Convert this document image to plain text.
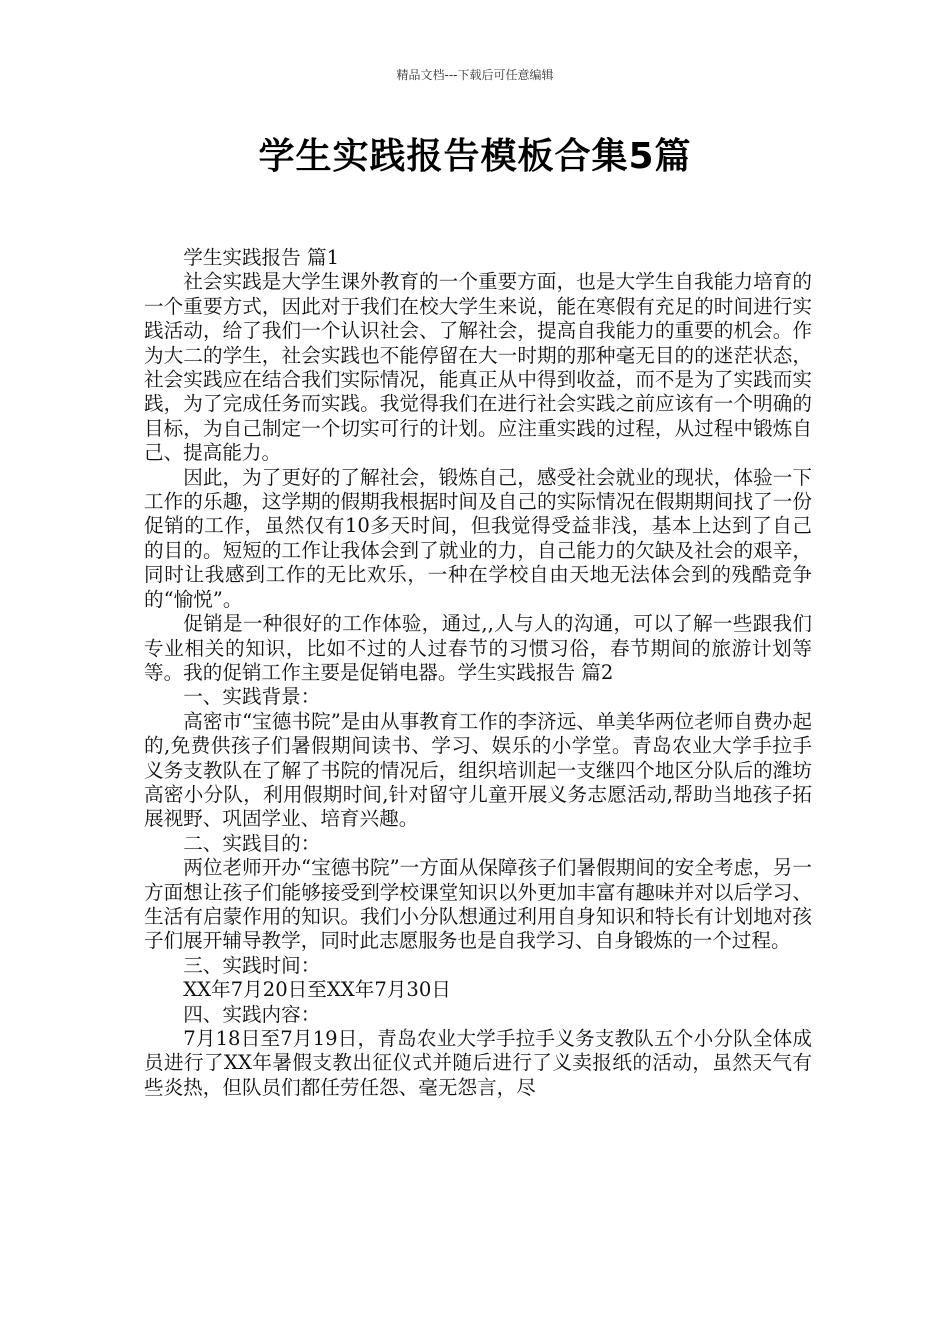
精品文档---下载后可任意编辑
学生实践报告模板合集5篇

学生实践报告 篇1

社会实践是大学生课外教育的一个重要方面，也是大学生自我能力培育的一个重要方式，因此对于我们在校大学生来说，能在寒假有充足的时间进行实践活动，给了我们一个认识社会、了解社会，提高自我能力的重要的机会。作为大二的学生，社会实践也不能停留在大一时期的那种毫无目的的迷茫状态，社会实践应在结合我们实际情况，能真正从中得到收益，而不是为了实践而实践，为了完成任务而实践。我觉得我们在进行社会实践之前应该有一个明确的目标，为自己制定一个切实可行的计划。应注重实践的过程，从过程中锻炼自己、提高能力。

因此，为了更好的了解社会，锻炼自己，感受社会就业的现状，体验一下工作的乐趣，这学期的假期我根据时间及自己的实际情况在假期期间找了一份促销的工作，虽然仅有10多天时间，但我觉得受益非浅，基本上达到了自己的目的。短短的工作让我体会到了就业的力，自己能力的欠缺及社会的艰辛，同时让我感到工作的无比欢乐，一种在学校自由天地无法体会到的残酷竞争的“愉悦”。

促销是一种很好的工作体验，通过,,人与人的沟通，可以了解一些跟我们专业相关的知识，比如不过的人过春节的习惯习俗，春节期间的旅游计划等等。我的促销工作主要是促销电器。学生实践报告 篇2

一、实践背景：

高密市“宝德书院”是由从事教育工作的李济远、单美华两位老师自费办起的,免费供孩子们暑假期间读书、学习、娱乐的小学堂。青岛农业大学手拉手义务支教队在了解了书院的情况后，组织培训起一支继四个地区分队后的潍坊高密小分队，利用假期时间,针对留守儿童开展义务志愿活动,帮助当地孩子拓展视野、巩固学业、培育兴趣。

二、实践目的：

两位老师开办“宝德书院”一方面从保障孩子们暑假期间的安全考虑，另一方面想让孩子们能够接受到学校课堂知识以外更加丰富有趣味并对以后学习、生活有启蒙作用的知识。我们小分队想通过利用自身知识和特长有计划地对孩子们展开辅导教学，同时此志愿服务也是自我学习、自身锻炼的一个过程。

三、实践时间：

XX年7月20日至XX年7月30日

四、实践内容：

7月18日至7月19日，青岛农业大学手拉手义务支教队五个小分队全体成员进行了XX年暑假支教出征仪式并随后进行了义卖报纸的活动，虽然天气有些炎热，但队员们都任劳任怨、毫无怨言，尽
